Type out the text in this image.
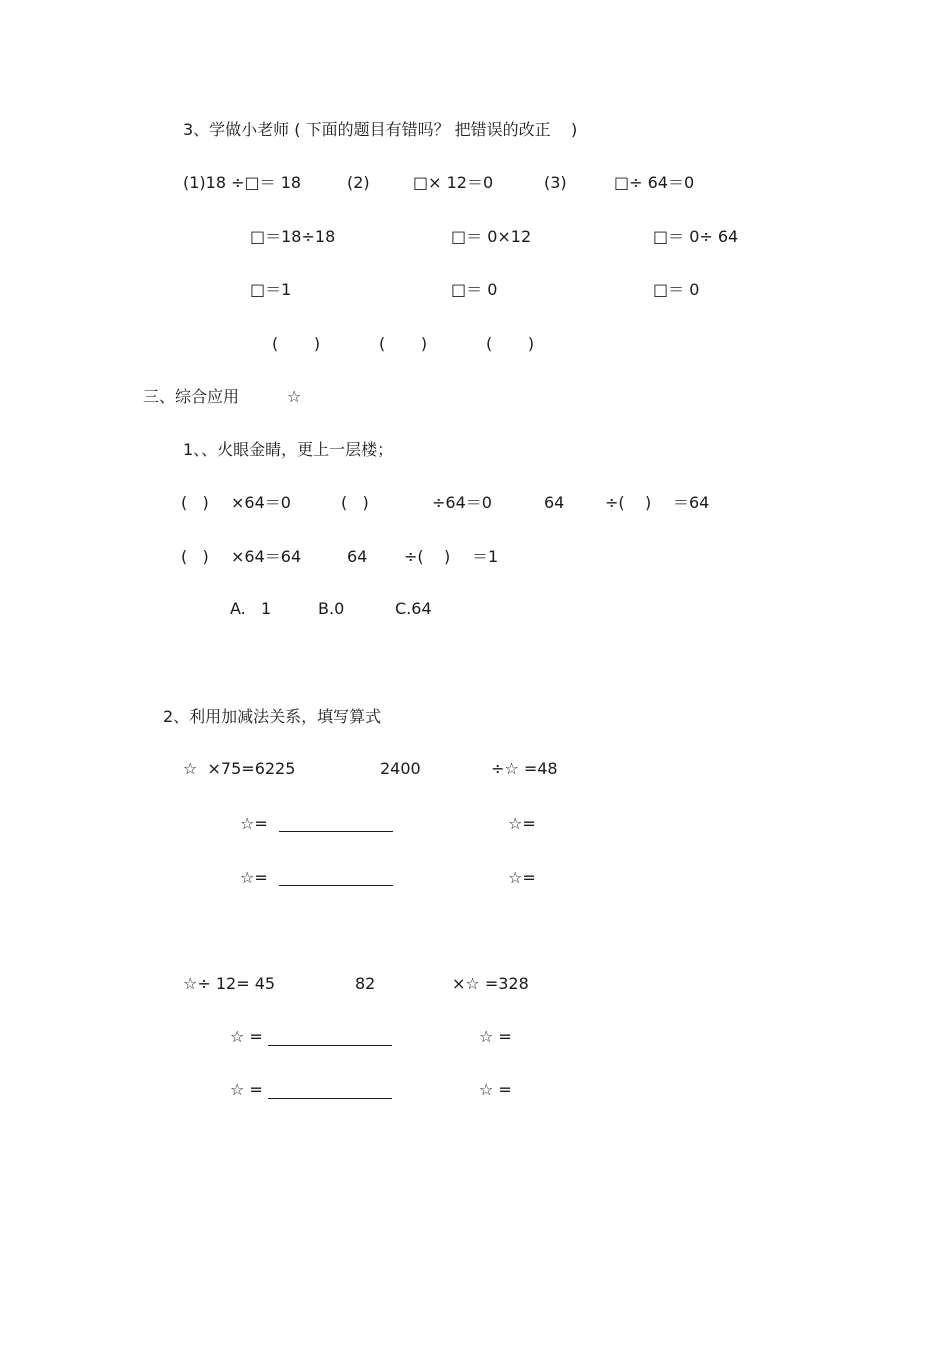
3、学做小老师 ( 下面的题目有错吗？ 把错误的改正    )
(1)18 ÷□＝ 18	(2)	□× 12＝0	(3)	□÷ 64＝0
□＝18÷18	□＝ 0×12	□＝ 0÷ 64
□＝1	□＝ 0	□＝ 0
(       )	(       )	(       )
三、综合应用	☆
1、、火眼金睛，更上一层楼；
(   ) ×64＝0	(   )	÷64＝0	64	÷(    ) ＝64
(   ) ×64＝64	64 ÷(    ) ＝1
A.   1	B.0	C.64
2、利用加减法关系，填写算式
☆  ×75=6225	2400	÷☆ =48
☆=	☆=
☆=	☆=
☆÷ 12= 45	82	×☆ =328
☆ =	☆ =
☆ =	☆ =
